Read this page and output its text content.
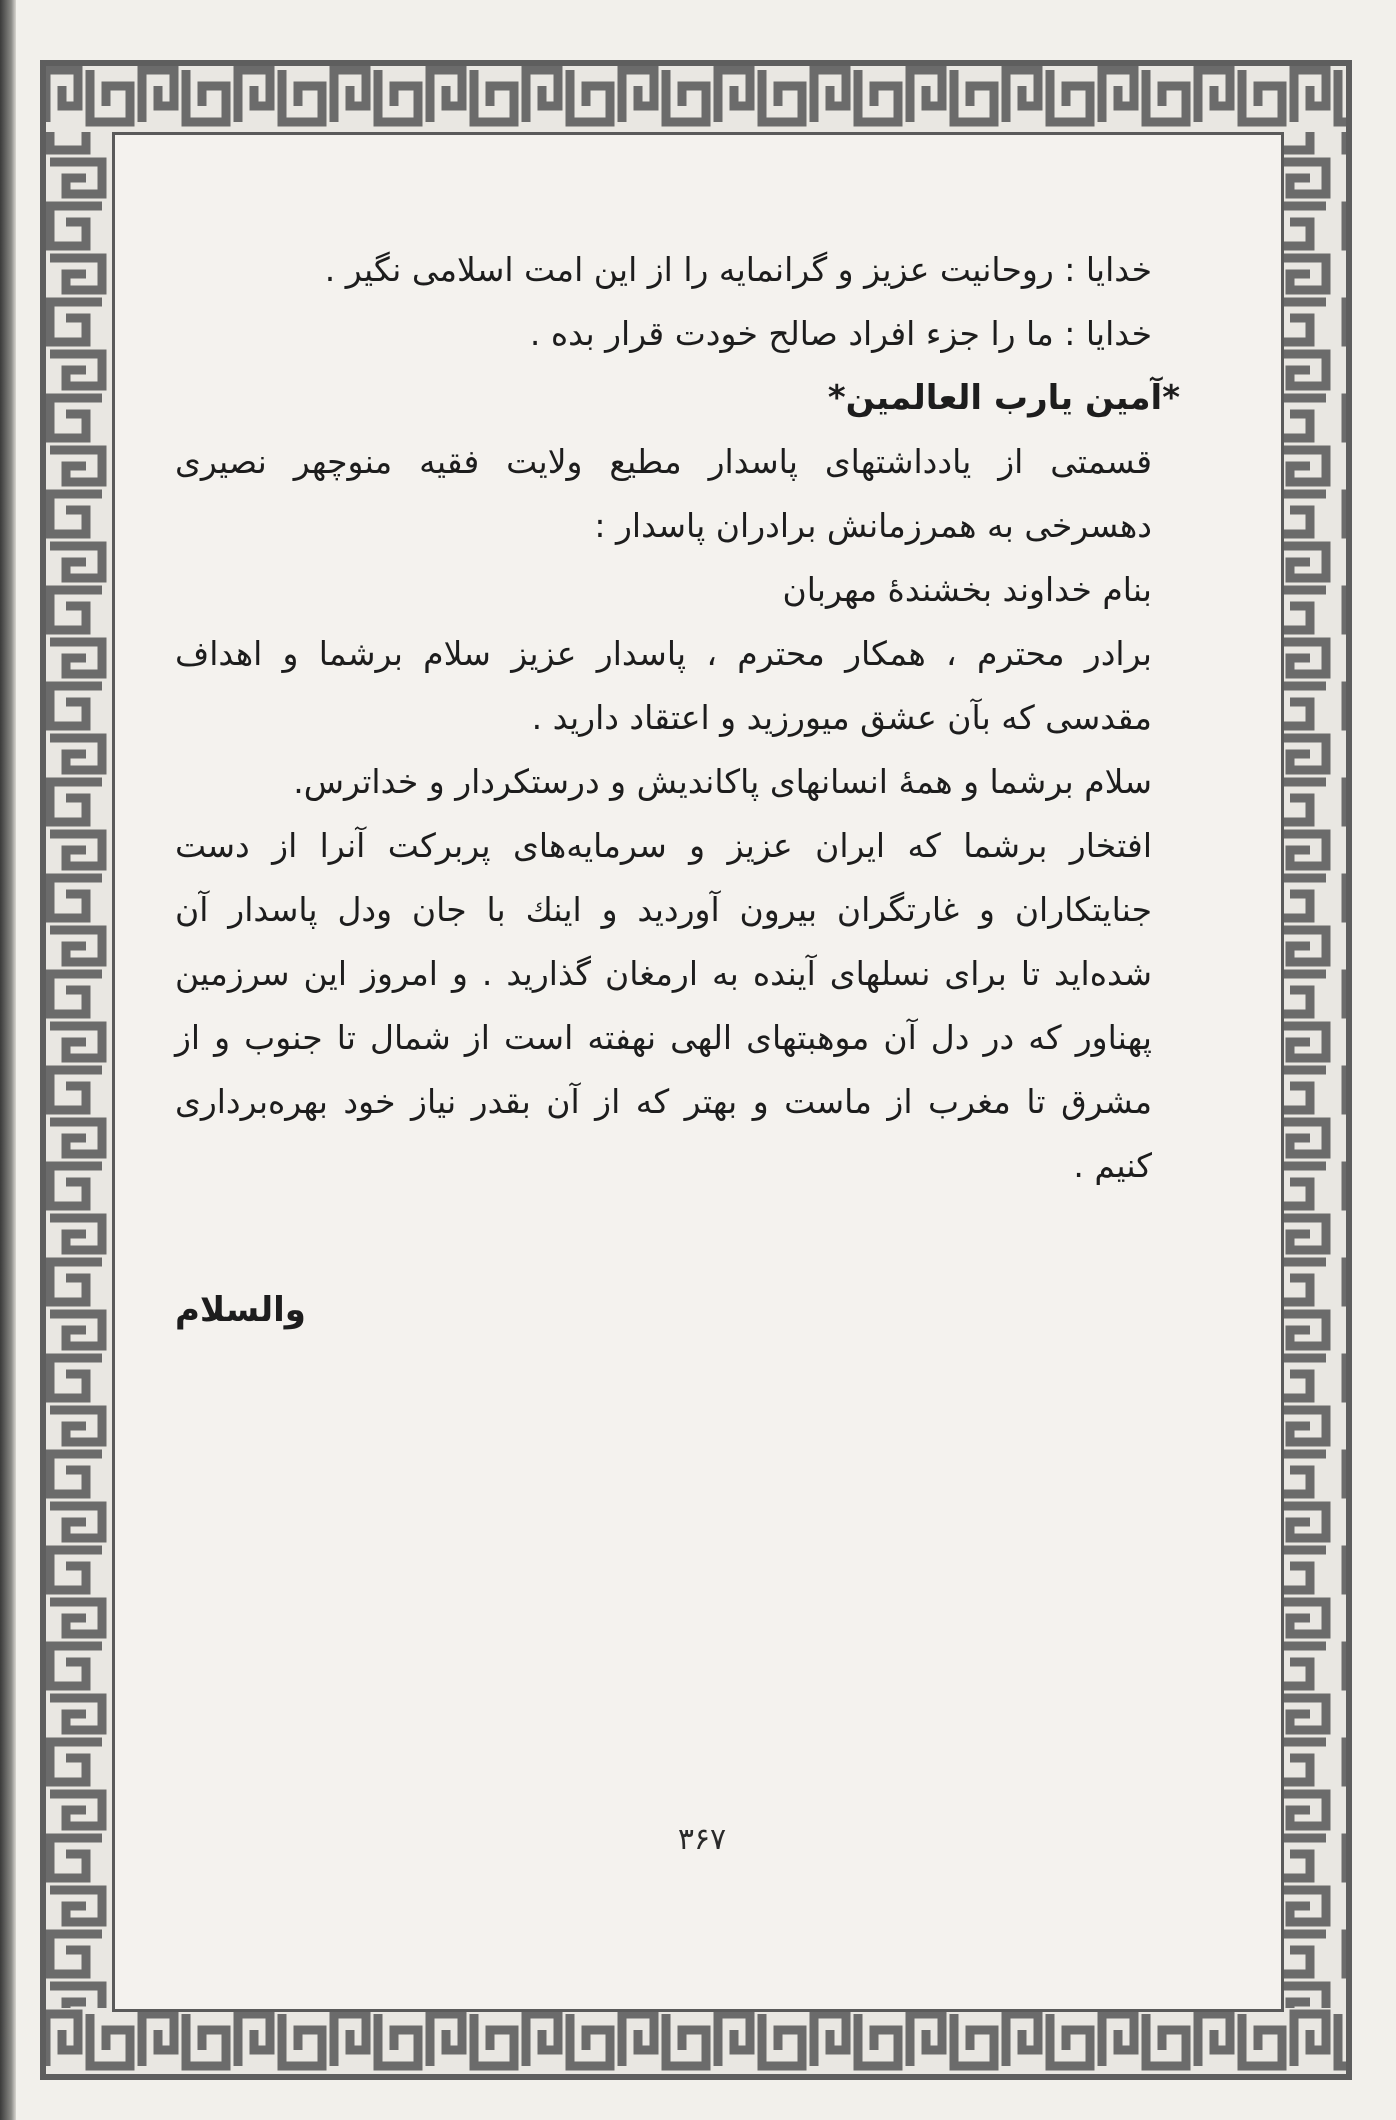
خدایا : روحانیت عزیز و گرانمایه را از این امت اسلامی نگیر .

خدایا : ما را جزء افراد صالح خودت قرار بده .

*آمین یارب العالمین*

قسمتی از یادداشتهای پاسدار مطیع ولایت فقیه منوچهر نصیری دهسرخی به همرزمانش برادران پاسدار :

بنام خداوند بخشندهٔ مهربان

برادر محترم ، همکار محترم ، پاسدار عزیز سلام برشما و اهداف مقدسی که بآن عشق میورزید و اعتقاد دارید .

سلام برشما و همهٔ انسانهای پاکاندیش و درستکردار و خداترس.

افتخار برشما که ایران عزیز و سرمایه‌های پربرکت آنرا از دست جنایتکاران و غارتگران بیرون آوردید و اینك با جان ودل پاسدار آن شده‌اید تا برای نسلهای آینده به ارمغان گذارید . و امروز این سرزمین پهناور که در دل آن موهبتهای الهی نهفته است از شمال تا جنوب و از مشرق تا مغرب از ماست و بهتر که از آن بقدر نیاز خود بهره‌برداری کنیم .

والسلام
۳۶۷
